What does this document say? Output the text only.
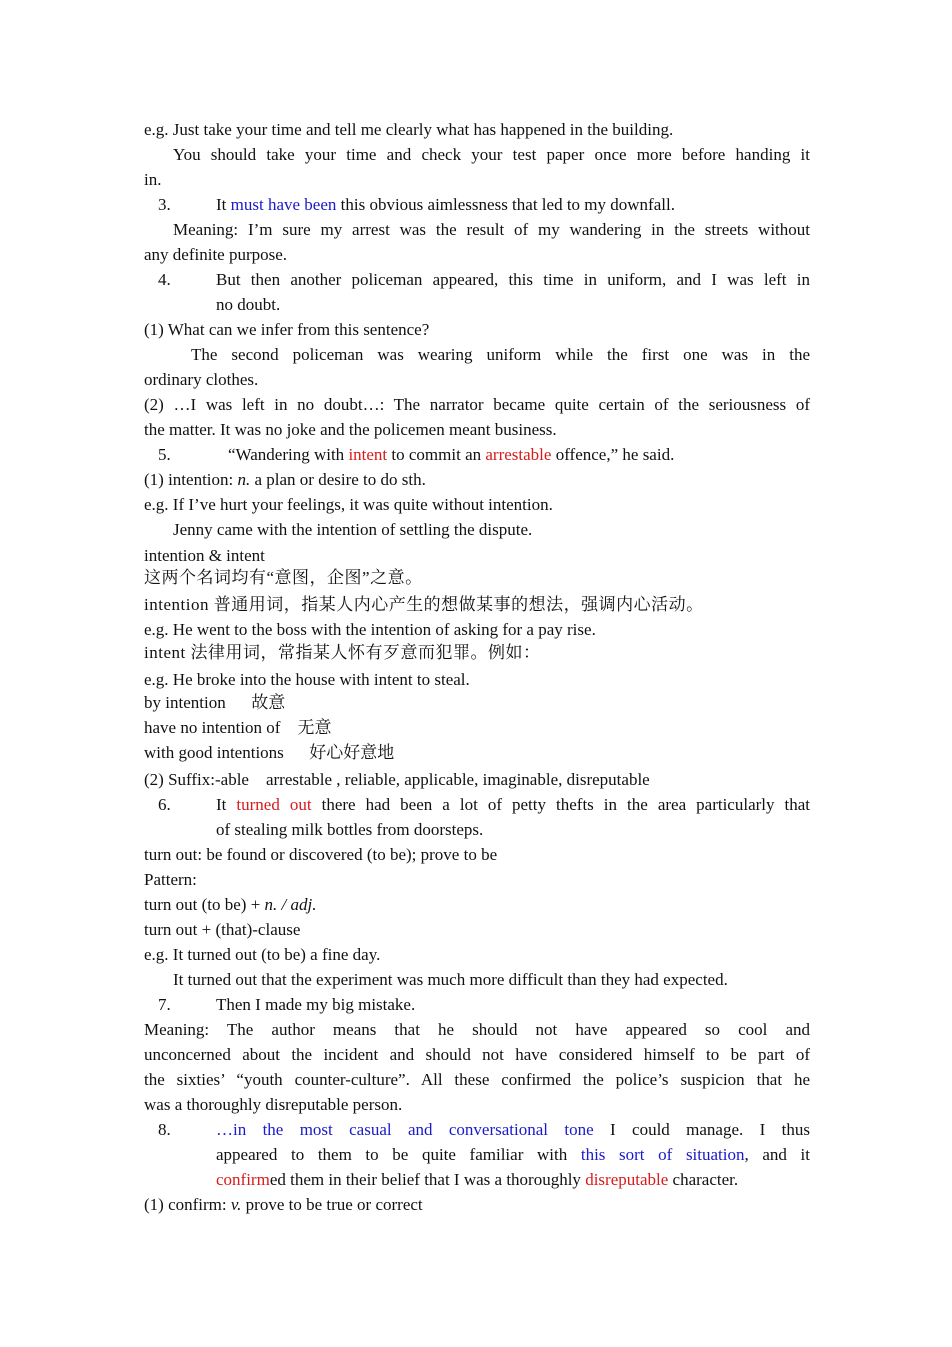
e.g. Just take your time and tell me clearly what has happened in the building.
You should take your time and check your test paper once more before handing it
in.
3.	It must have been this obvious aimlessness that led to my downfall.
Meaning: I’m sure my arrest was the result of my wandering in the streets without
any definite purpose.
4.	But then another policeman appeared, this time in uniform, and I was left in
no doubt.
(1) What can we infer from this sentence?
The second policeman was wearing uniform while the first one was in the
ordinary clothes.
(2) …I was left in no doubt…: The narrator became quite certain of the seriousness of
the matter. It was no joke and the policemen meant business.
5.	“Wandering with intent to commit an arrestable offence,” he said.
(1) intention: n. a plan or desire to do sth.
e.g. If I’ve hurt your feelings, it was quite without intention.
Jenny came with the intention of settling the dispute.
intention & intent
这两个名词均有“意图，企图”之意。
intention 普通用词，指某人内心产生的想做某事的想法，强调内心活动。
e.g. He went to the boss with the intention of asking for a pay rise.
intent 法律用词，常指某人怀有歹意而犯罪。例如：
e.g. He broke into the house with intent to steal.
by intention      故意
have no intention of    无意
with good intentions      好心好意地
(2) Suffix:-able    arrestable , reliable, applicable, imaginable, disreputable
6.	It turned out there had been a lot of petty thefts in the area particularly that
of stealing milk bottles from doorsteps.
turn out: be found or discovered (to be); prove to be
Pattern:
turn out (to be) + n. / adj.
turn out + (that)-clause
e.g. It turned out (to be) a fine day.
It turned out that the experiment was much more difficult than they had expected.
7.	Then I made my big mistake.
Meaning: The author means that he should not have appeared so cool and
unconcerned about the incident and should not have considered himself to be part of
the sixties’ “youth counter-culture”. All these confirmed the police’s suspicion that he
was a thoroughly disreputable person.
8.	…in the most casual and conversational tone I could manage. I thus
appeared to them to be quite familiar with this sort of situation, and it
confirmed them in their belief that I was a thoroughly disreputable character.
(1) confirm: v. prove to be true or correct
